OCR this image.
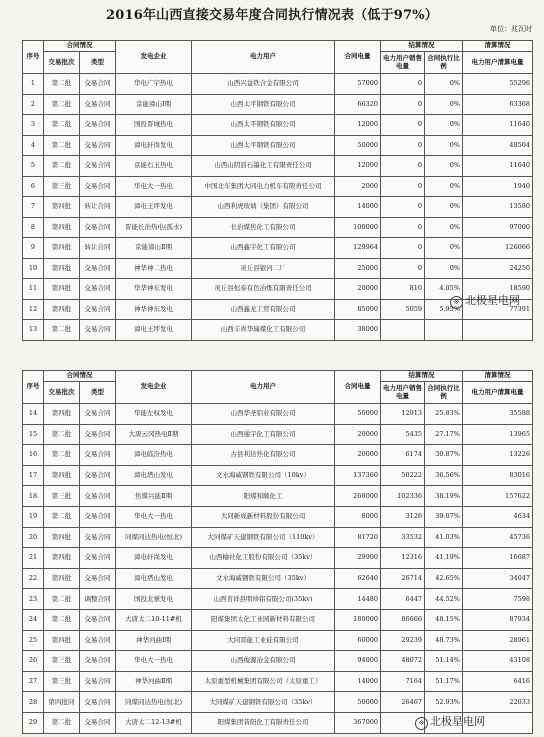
2016年山西直接交易年度合同执行情况表（低于97%）
单位：兆瓦时
序号	合同情况		发电企业	电力用户	合同电量	结算情况		清算情况
	交易批次	类型				电力用户销售电量	合同执行比例	电力用户清算电量
1	第二批	交易合同	华电广宇热电	山西兴益铁合金有限公司	57000	0	0%	55296
2	第二批	交易合同	京能漳山Ⅰ期	山西太平钢铁有限公司	66320	0	0%	63368
3	第二批	交易合同	国投晋城热电	山西太平钢铁有限公司	12000	0	0%	11640
4	第二批	交易合同	漳电轩岗发电	山西太平钢铁有限公司	50000	0	0%	48504
5	第二批	交易合同	京能右玉热电	山西山阴县石墨化工有限责任公司	12000	0	0%	11640
6	第三批	交易合同	华电大一热电	中国北车集团大同电力机车有限责任公司	2000	0	0%	1940
7	第四批	转让合同	漳电王坪发电	山西利虎玻璃（集团）有限公司	14000	0	0%	13580
8	第四批	交易合同	晋能长治热电(孤水)	长治煤焦化工有限公司	100000	0	0%	97000
9	第四批	转让合同	京能漳山Ⅱ期	山西鑫宇化工有限公司	129964	0	0%	126066
10	第四批	交易合同	神华神二热电	灵丘县银河二厂	25000	0	0%	24250
11	第四批	交易合同	华华神东发电	灵丘县恒泰有色冶炼有限责任公司	20000	810	4.05%	18590
12	第四批	交易合同	神华神东发电	山西鑫龙工贸有限公司	85000	5059	5.95%	77391
13	第二批	交易合同	漳电王坪发电	山西丰喜华瑞煤化工有限公司	38000			
※ 北极星电网
序号	合同情况		发电企业	电力用户	合同电量	结算情况		清算情况
	交易批次	类型				电力用户销售电量	合同执行比例	电力用户清算电量
14	第四批	交易合同	华能左权发电	山西华圣铝业有限公司	50000	12913	25.83%	35588
15	第二批	交易合同	大唐云冈热电Ⅱ期	山西通宇化工有限公司	20000	5435	27.17%	13965
16	第二批	交易合同	漳电临汾热电	古县利达焦化有限公司	20000	6174	30.87%	13226
17	第四批	交易合同	漳电塔山发电	文水海威钢铁有限公司（10kv）	137360	50222	36.56%	83016
18	第三批	交易合同	焦煤兴能Ⅱ期	阳煤和顺化工	268000	102336	38.19%	157622
19	第二批	交易合同	华电大一热电	大同新成新材料股份有限公司	8000	3126	39.07%	4634
20	第四批	交易合同	同煤同达热电(恒北)	大同煤矿天建钢铁有限公司（110kv）	81720	33532	41.03%	45736
21	第四批	交易合同	漳电轩岗发电	山西榆社化工股份有限公司（35kv）	29900	12316	41.19%	16687
22	第四批	交易合同	漳电塔山发电	文水海威钢铁有限公司（35kv）	62640	26714	42.65%	34047
23	第二批	调整合同	国投北寨发电	山西省祥县明珍铝有限公司(35kv)	14480	6447	44.52%	7598
24	第二批	交易合同	大唐太二10-11#机	阳煤集团太化工业园新材料有限公司	180000	86666	48.15%	87934
25	第四批	交易合同	神华河曲Ⅰ期	大同晋能工业硅有限公司	60000	29239	48.73%	28961
26	第三批	交易合同	华电大一热电	山西俊源冶金有限公司	94000	48072	51.14%	43108
27	第三批	交易合同	神华河曲Ⅱ期	太原重型机械集团有限公司（太原重工）	14000	7164	51.17%	6416
28	第四批同	交易合同	同煤同达热电(恒北)	大同煤矿天建钢铁有限公司（35kv）	50000	26467	52.93%	22033
29	第二批	交易合同	大唐太二12-13#机	阳煤集团昔阳化工有限责任公司	367000				※ 北极星电网
